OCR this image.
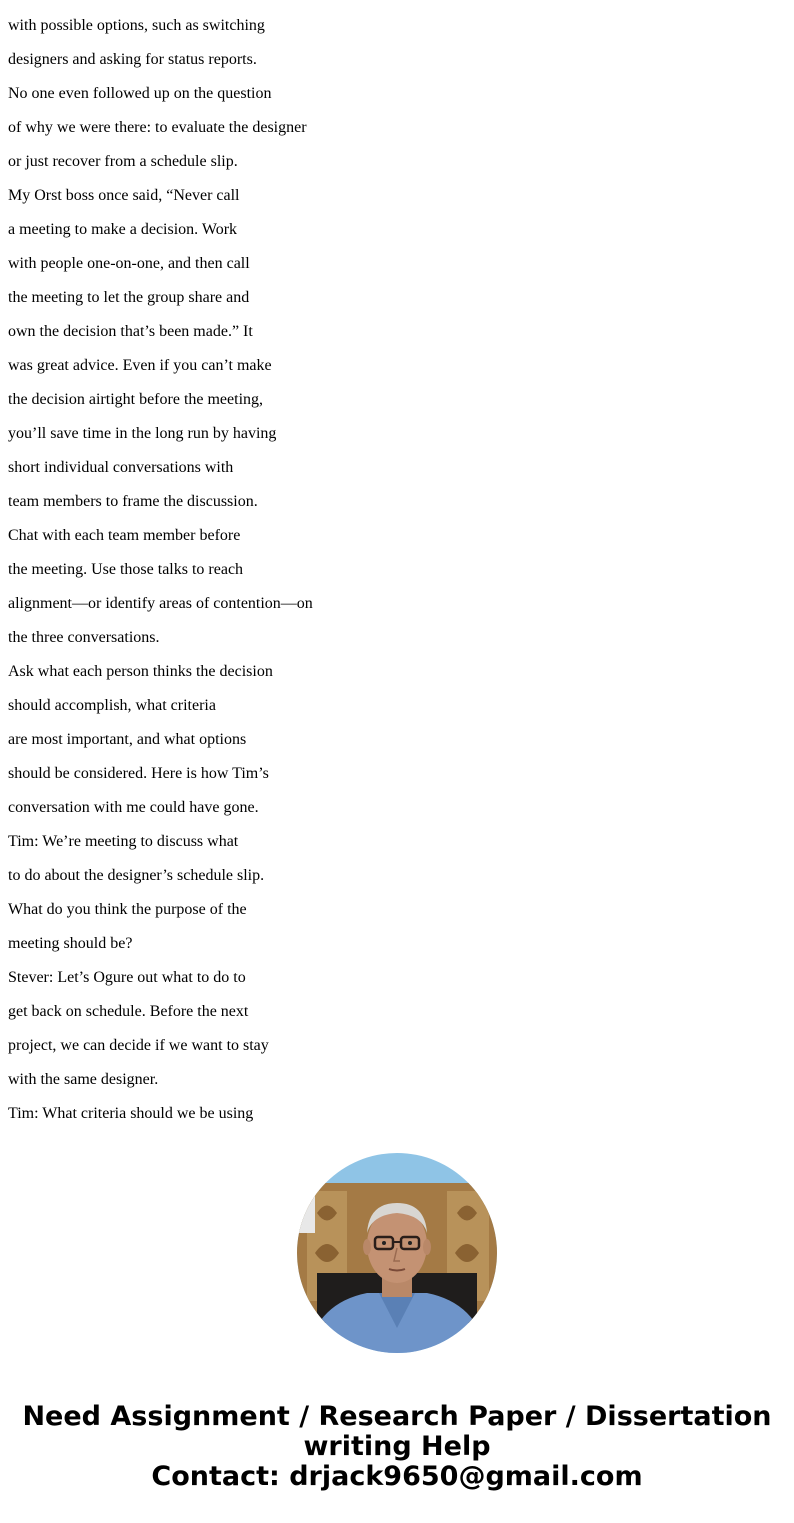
with possible options, such as switching

designers and asking for status reports.

No one even followed up on the question

of why we were there: to evaluate the designer

or just recover from a schedule slip.

My Orst boss once said, “Never call

a meeting to make a decision. Work

with people one-on-one, and then call

the meeting to let the group share and

own the decision that’s been made.” It

was great advice. Even if you can’t make

the decision airtight before the meeting,

you’ll save time in the long run by having

short individual conversations with

team members to frame the discussion.

Chat with each team member before

the meeting. Use those talks to reach

alignment—or identify areas of contention—on

the three conversations.

Ask what each person thinks the decision

should accomplish, what criteria

are most important, and what options

should be considered. Here is how Tim’s

conversation with me could have gone.

Tim: We’re meeting to discuss what

to do about the designer’s schedule slip.

What do you think the purpose of the

meeting should be?

Stever: Let’s Ogure out what to do to

get back on schedule. Before the next

project, we can decide if we want to stay

with the same designer.

Tim: What criteria should we be using

Need Assignment / Research Paper / Dissertation
writing Help
Contact: drjack9650@gmail.com
